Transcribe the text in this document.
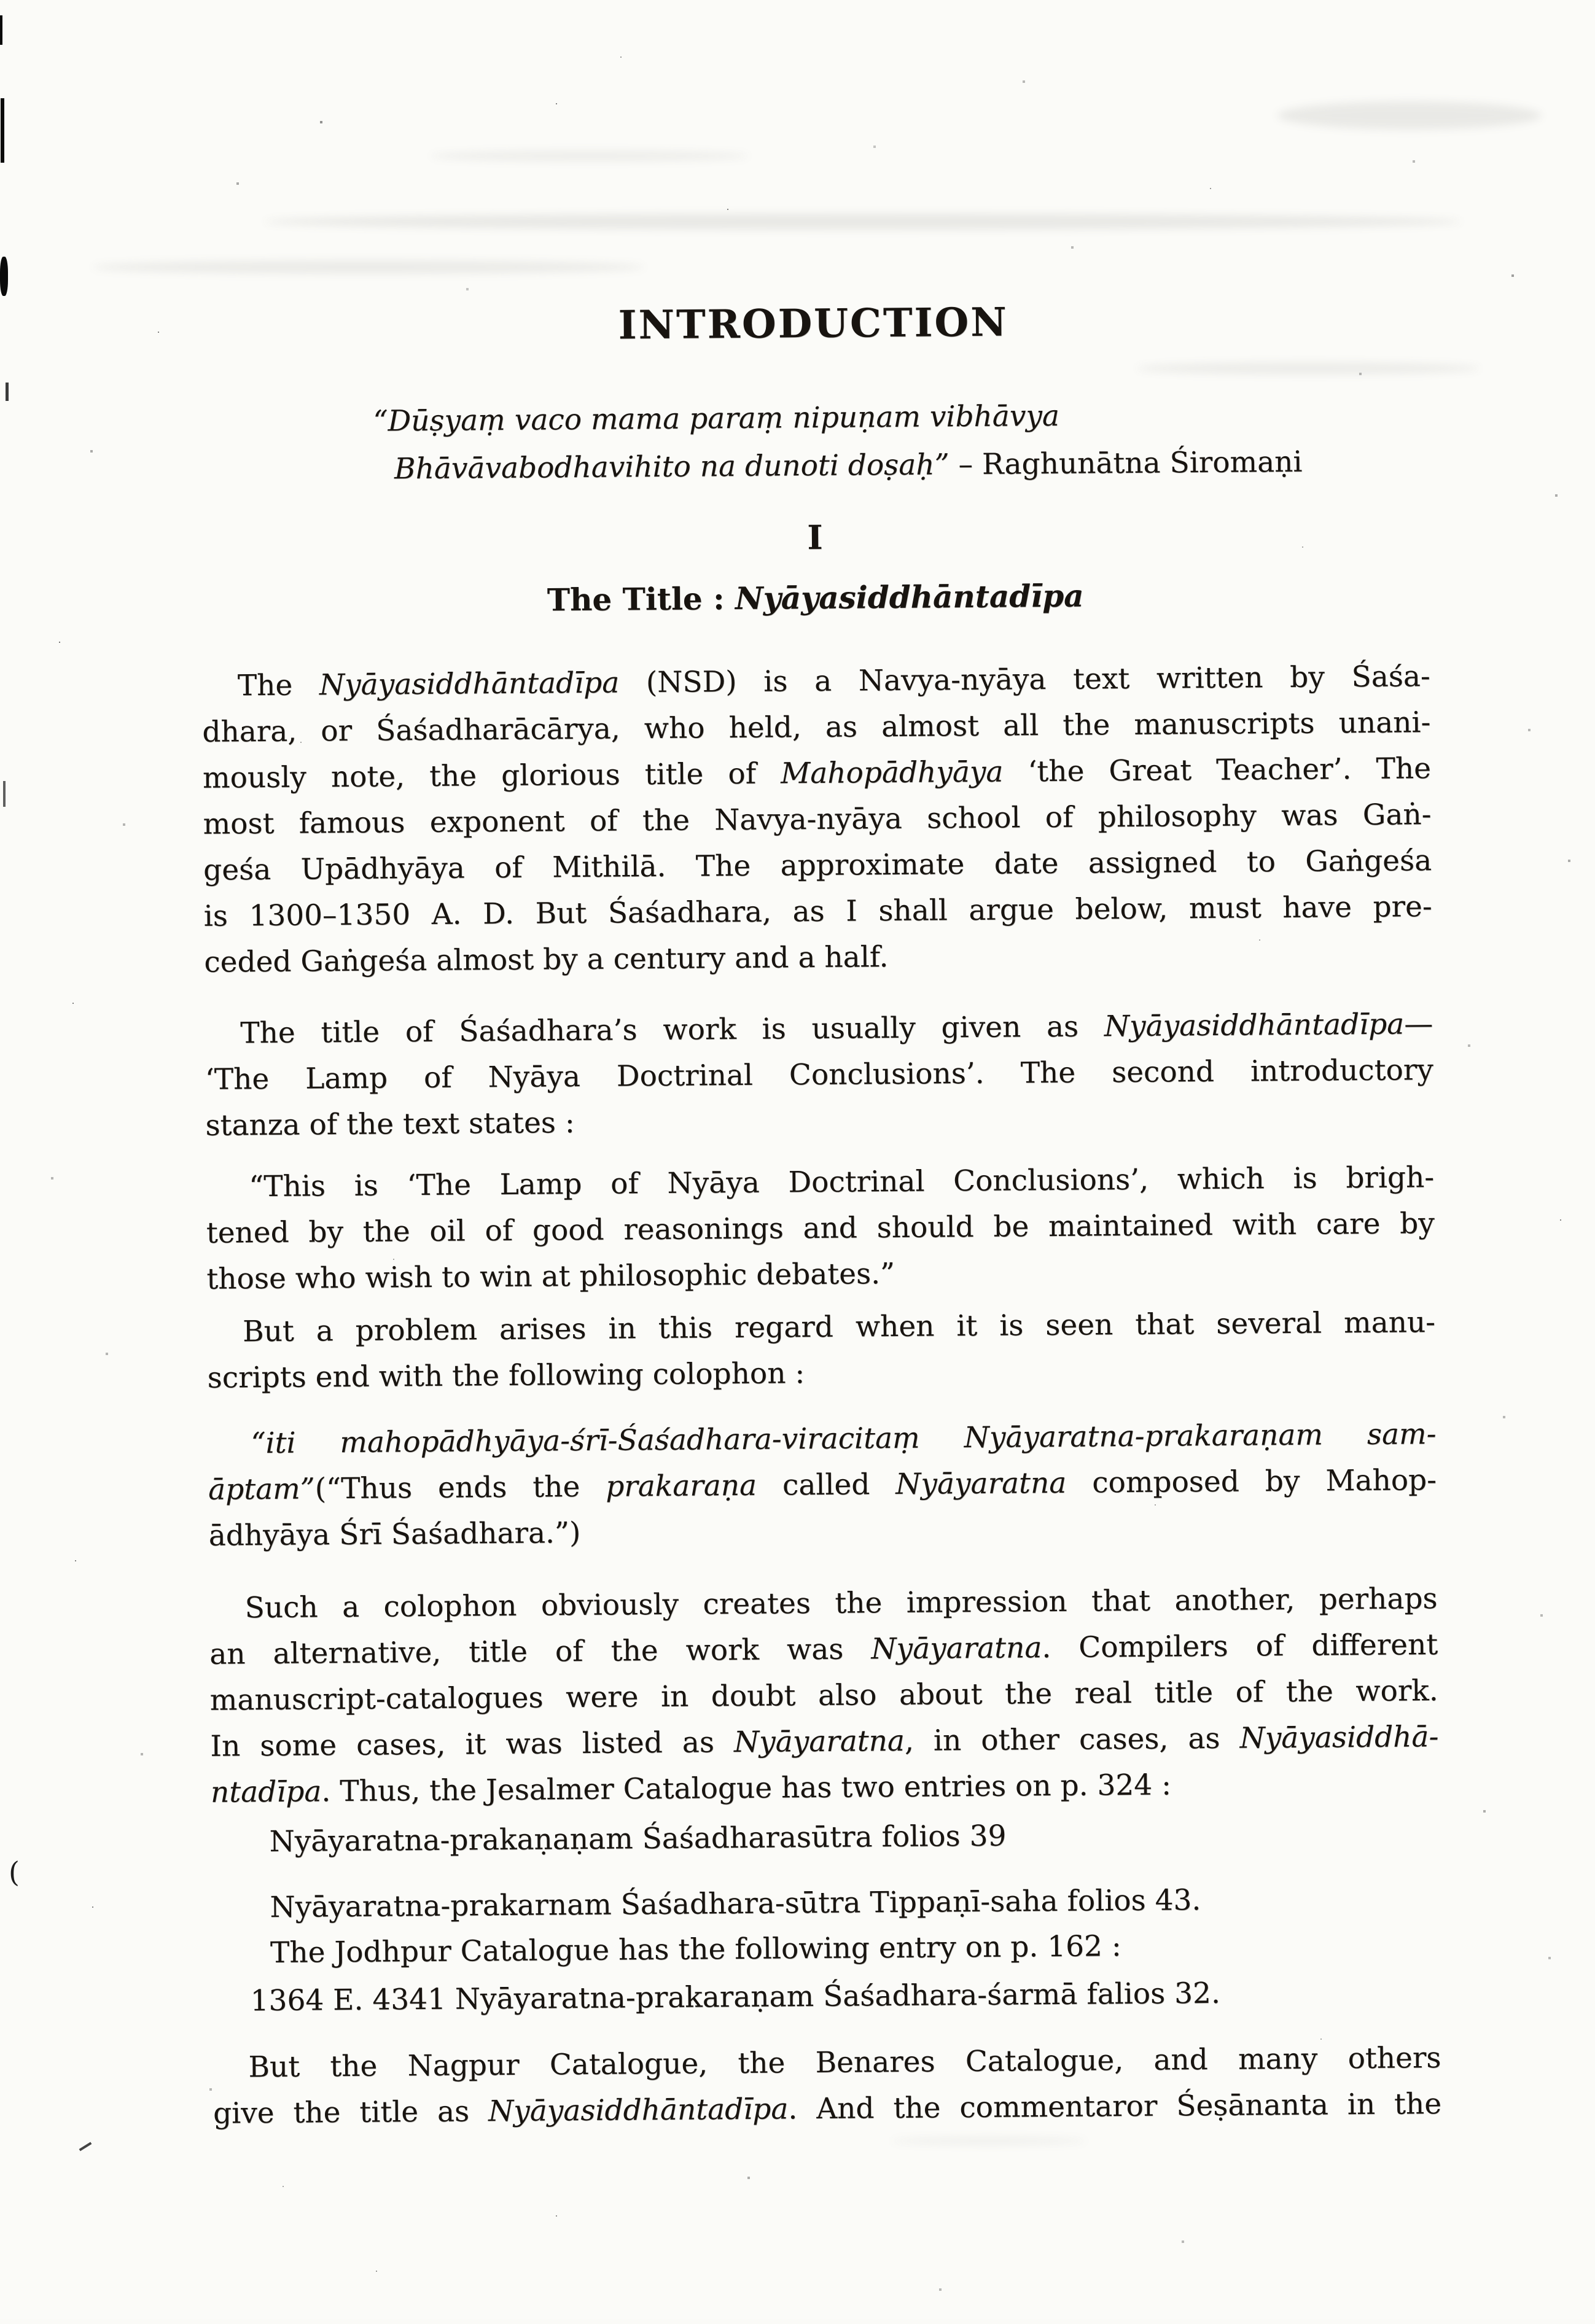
(
INTRODUCTION
“Dūṣyaṃ vaco mama paraṃ nipuṇam vibhāvya
Bhāvāvabodhavihito na dunoti doṣaḥ” – Raghunātna Śiromaṇi
I
The Title : Nyāyasiddhāntadīpa
The Nyāyasiddhāntadīpa (NSD) is a Navya-nyāya text written by Śaśa-
dhara, or Śaśadharācārya, who held, as almost all the manuscripts unani-
mously note, the glorious title of Mahopādhyāya ‘the Great Teacher’. The
most famous exponent of the Navya-nyāya school of philosophy was Gaṅ-
geśa Upādhyāya of Mithilā. The approximate date assigned to Gaṅgeśa
is 1300–1350 A. D. But Śaśadhara, as I shall argue below, must have pre-
ceded Gaṅgeśa almost by a century and a half.
The title of Śaśadhara’s work is usually given as Nyāyasiddhāntadīpa—
‘The Lamp of Nyāya Doctrinal Conclusions’. The second introductory
stanza of the text states :
“This is ‘The Lamp of Nyāya Doctrinal Conclusions’, which is brigh-
tened by the oil of good reasonings and should be maintained with care by
those who wish to win at philosophic debates.”
But a problem arises in this regard when it is seen that several manu-
scripts end with the following colophon :
“iti mahopādhyāya-śrī-Śaśadhara-viracitaṃ Nyāyaratna-prakaraṇam sam-
āptam”(“Thus ends the prakaraṇa called Nyāyaratna composed by Mahop-
ādhyāya Śrī Śaśadhara.”)
Such a colophon obviously creates the impression that another, perhaps
an alternative, title of the work was Nyāyaratna. Compilers of different
manuscript-catalogues were in doubt also about the real title of the work.
In some cases, it was listed as Nyāyaratna, in other cases, as Nyāyasiddhā-
ntadīpa. Thus, the Jesalmer Catalogue has two entries on p. 324 :
Nyāyaratna-prakaṇaṇam Śaśadharasūtra folios 39
Nyāyaratna-prakarnam Śaśadhara-sūtra Tippaṇī-saha folios 43.
The Jodhpur Catalogue has the following entry on p. 162 :
1364 E. 4341 Nyāyaratna-prakaraṇam Śaśadhara-śarmā falios 32.
But the Nagpur Catalogue, the Benares Catalogue, and many others
give the title as Nyāyasiddhāntadīpa. And the commentaror Śeṣānanta in the
